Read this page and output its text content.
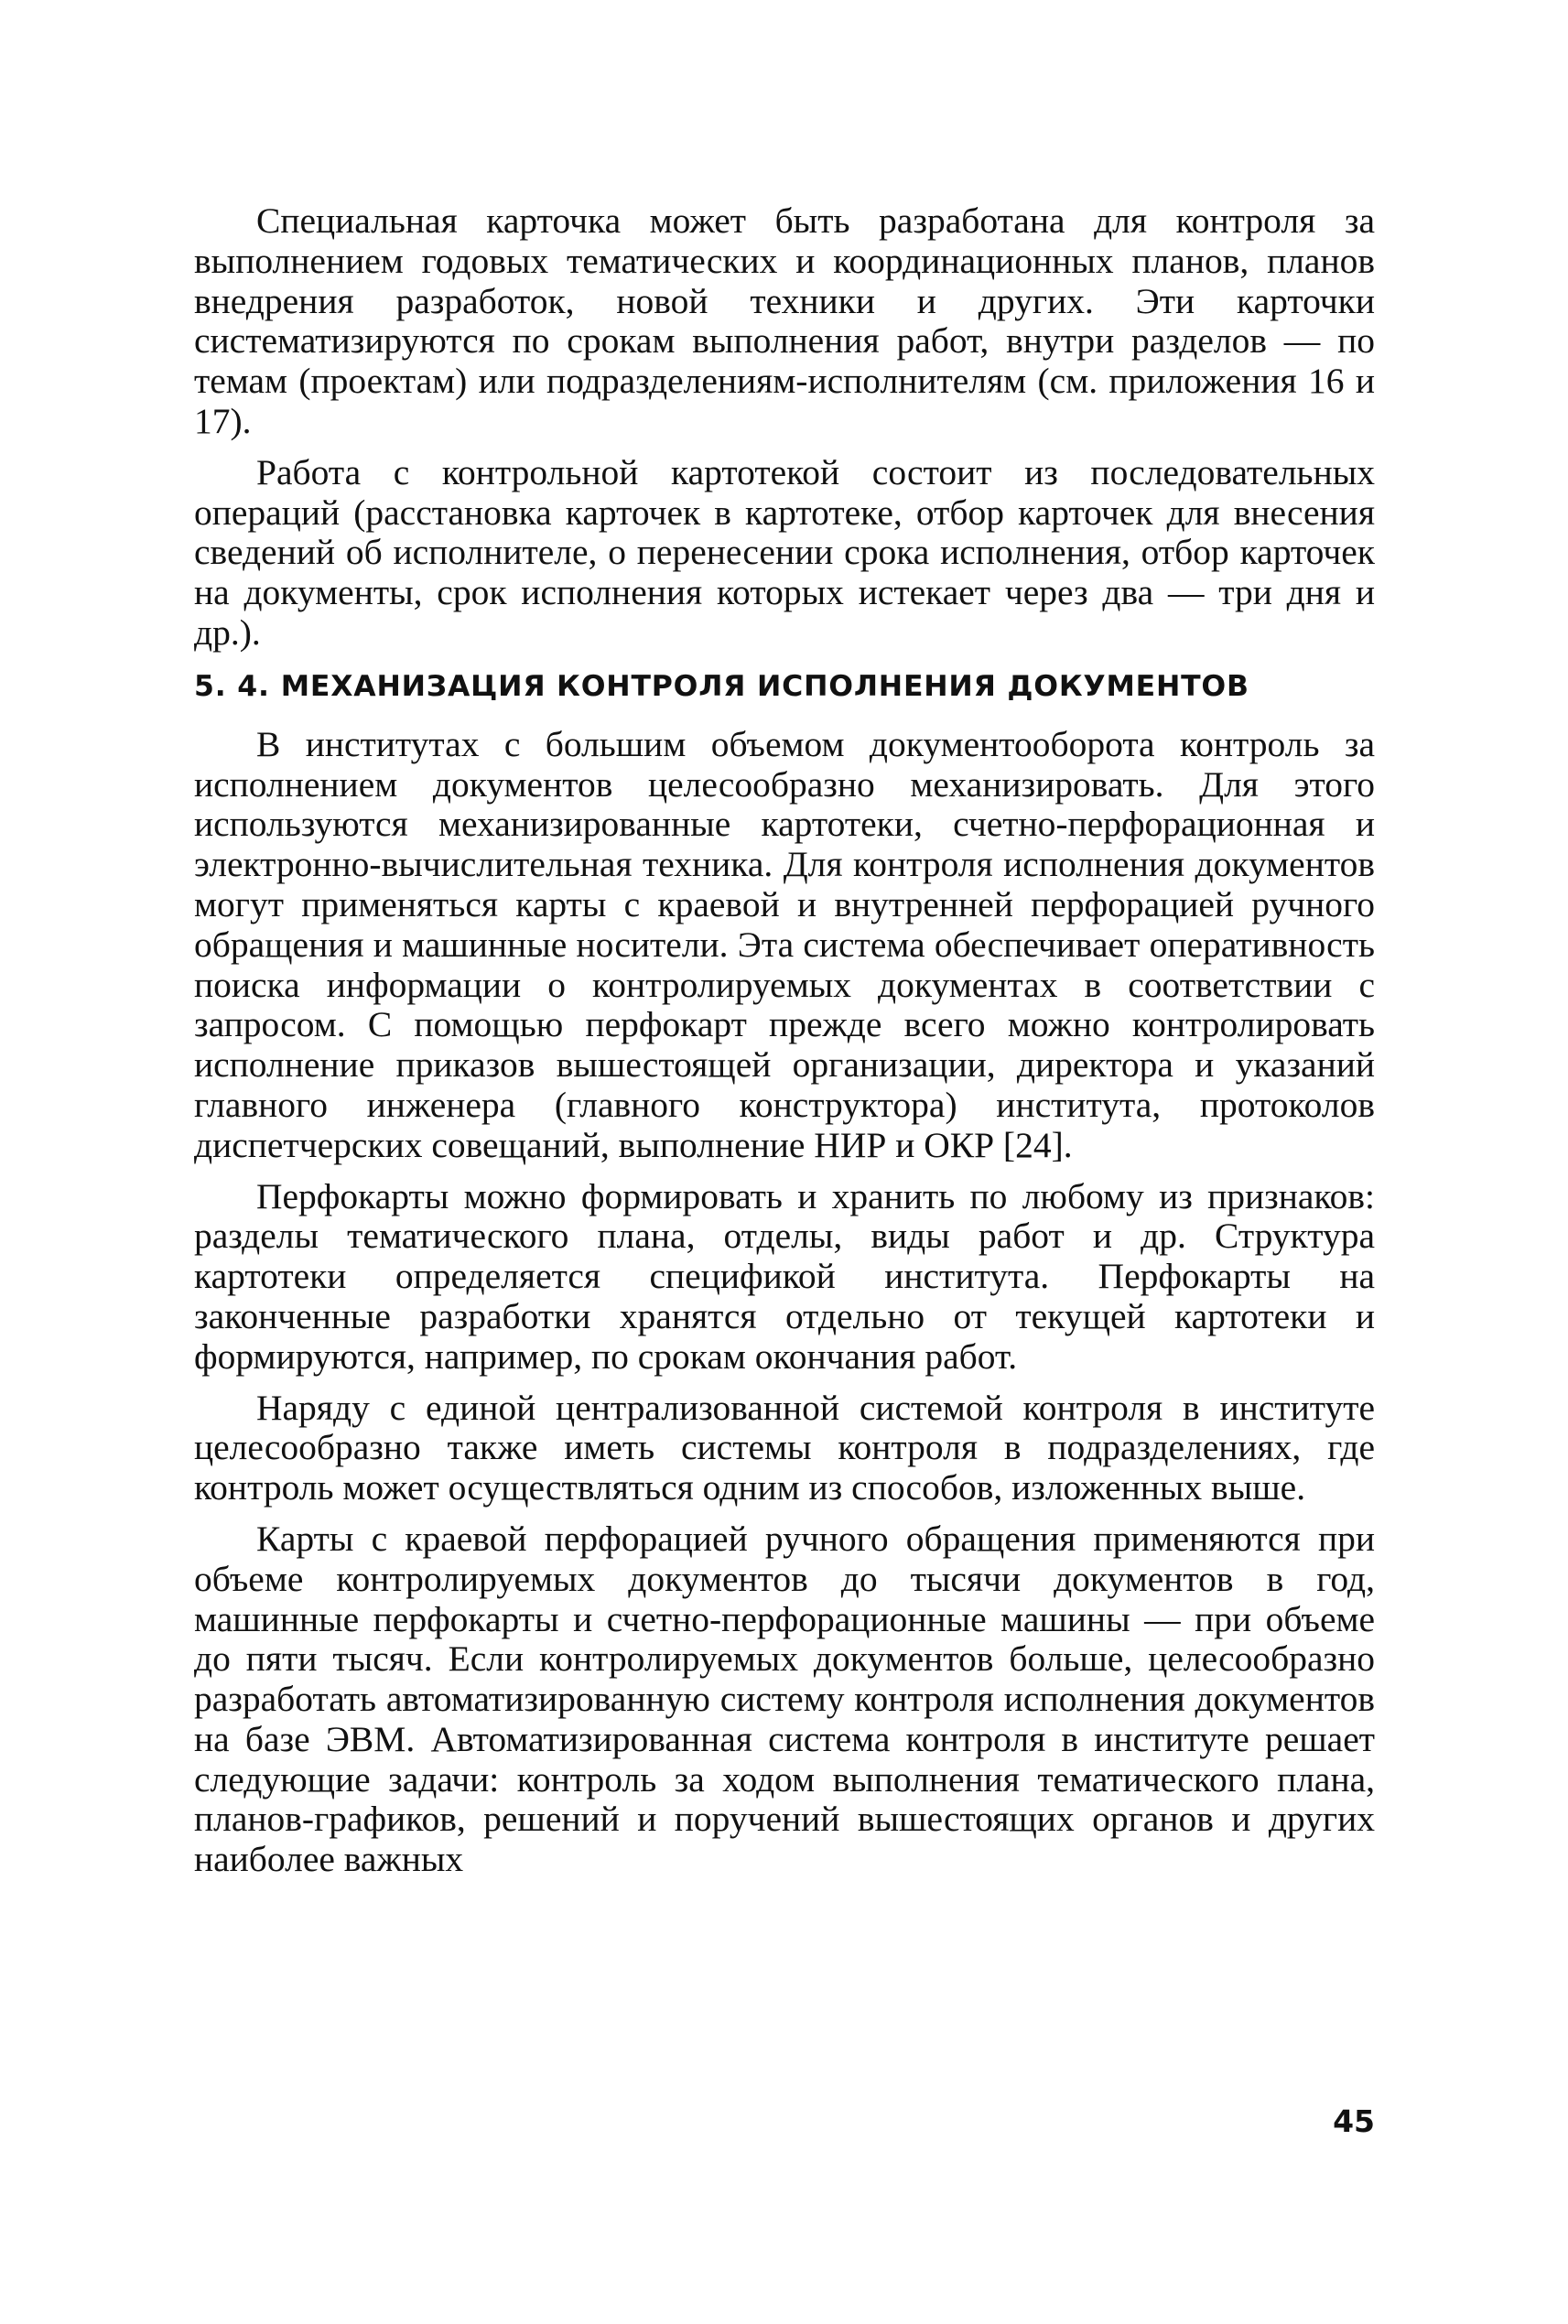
Специальная карточка может быть разработана для контроля за выполнением годовых тематических и координационных планов, планов внедрения разработок, новой техники и других. Эти карточки систематизируются по срокам выполнения работ, внутри разделов — по темам (проектам) или подразделениям-исполнителям (см. приложения 16 и 17).

Работа с контрольной картотекой состоит из последовательных операций (расстановка карточек в картотеке, отбор карточек для внесения сведений об исполнителе, о перенесении срока исполнения, отбор карточек на документы, срок исполнения которых истекает через два — три дня и др.).

5. 4. МЕХАНИЗАЦИЯ КОНТРОЛЯ ИСПОЛНЕНИЯ ДОКУМЕНТОВ

В институтах с большим объемом документооборота контроль за исполнением документов целесообразно механизировать. Для этого используются механизированные картотеки, счетно-перфорационная и электронно-вычислительная техника. Для контроля исполнения документов могут применяться карты с краевой и внутренней перфорацией ручного обращения и машинные носители. Эта система обеспечивает оперативность поиска информации о контролируемых документах в соответствии с запросом. С помощью перфокарт прежде всего можно контролировать исполнение приказов вышестоящей организации, директора и указаний главного инженера (главного конструктора) института, протоколов диспетчерских совещаний, выполнение НИР и ОКР [24].

Перфокарты можно формировать и хранить по любому из признаков: разделы тематического плана, отделы, виды работ и др. Структура картотеки определяется спецификой института. Перфокарты на законченные разработки хранятся отдельно от текущей картотеки и формируются, например, по срокам окончания работ.

Наряду с единой централизованной системой контроля в институте целесообразно также иметь системы контроля в подразделениях, где контроль может осуществляться одним из способов, изложенных выше.

Карты с краевой перфорацией ручного обращения применяются при объеме контролируемых документов до тысячи документов в год, машинные перфокарты и счетно-перфорационные машины — при объеме до пяти тысяч. Если контролируемых документов больше, целесообразно разработать автоматизированную систему контроля исполнения документов на базе ЭВМ. Автоматизированная система контроля в институте решает следующие задачи: контроль за ходом выполнения тематического плана, планов-графиков, решений и поручений вышестоящих органов и других наиболее важных

45
